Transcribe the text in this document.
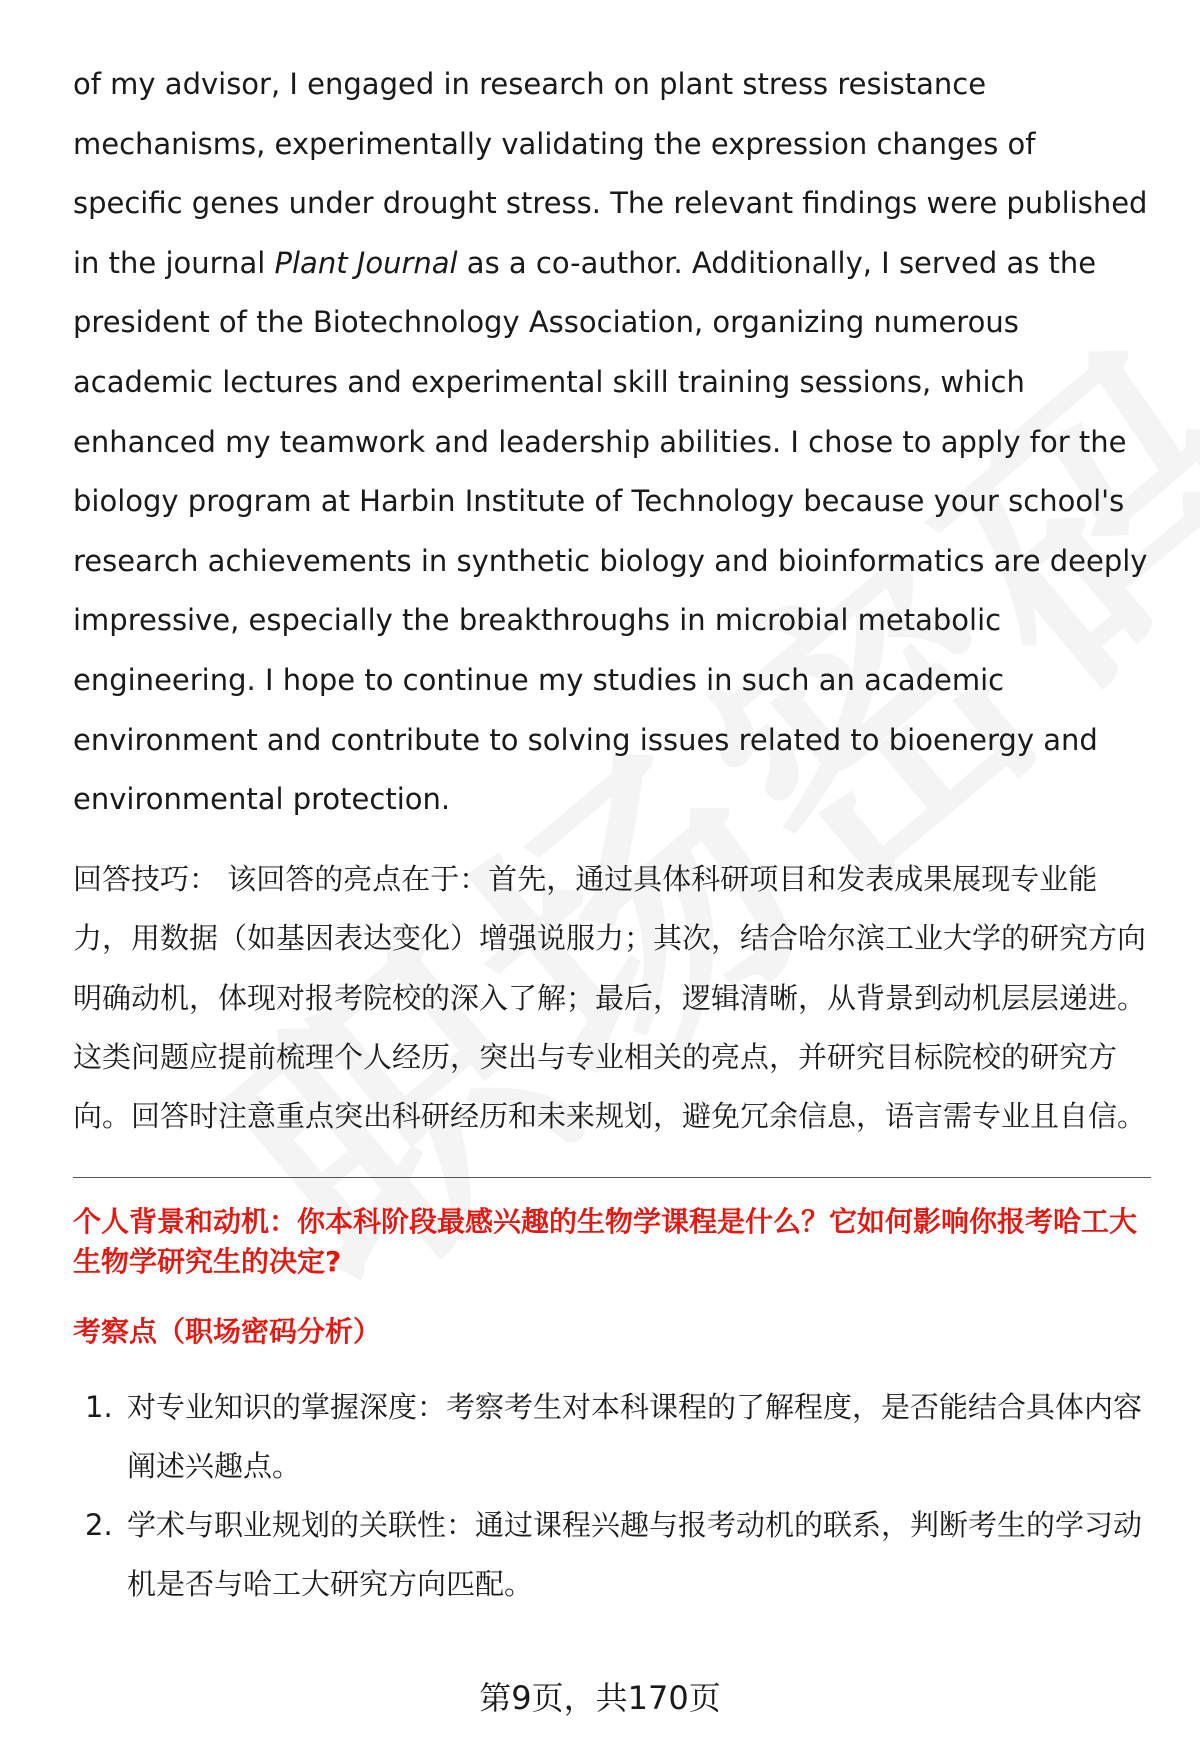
of my advisor, I engaged in research on plant stress resistance mechanisms, experimentally validating the expression changes of specific genes under drought stress. The relevant findings were published in the journal Plant Journal as a co-author. Additionally, I served as the president of the Biotechnology Association, organizing numerous academic lectures and experimental skill training sessions, which enhanced my teamwork and leadership abilities. I chose to apply for the biology program at Harbin Institute of Technology because your school's research achievements in synthetic biology and bioinformatics are deeply impressive, especially the breakthroughs in microbial metabolic engineering. I hope to continue my studies in such an academic environment and contribute to solving issues related to bioenergy and environmental protection.

回答技巧： 该回答的亮点在于：首先，通过具体科研项目和发表成果展现专业能力，用数据（如基因表达变化）增强说服力；其次，结合哈尔滨工业大学的研究方向明确动机，体现对报考院校的深入了解；最后，逻辑清晰，从背景到动机层层递进。这类问题应提前梳理个人经历，突出与专业相关的亮点，并研究目标院校的研究方向。回答时注意重点突出科研经历和未来规划，避免冗余信息，语言需专业且自信。

个人背景和动机：你本科阶段最感兴趣的生物学课程是什么？它如何影响你报考哈工大生物学研究生的决定?

考察点（职场密码分析）

1. 对专业知识的掌握深度：考察考生对本科课程的了解程度，是否能结合具体内容阐述兴趣点。
2. 学术与职业规划的关联性：通过课程兴趣与报考动机的联系，判断考生的学习动机是否与哈工大研究方向匹配。
第9页，共170页
